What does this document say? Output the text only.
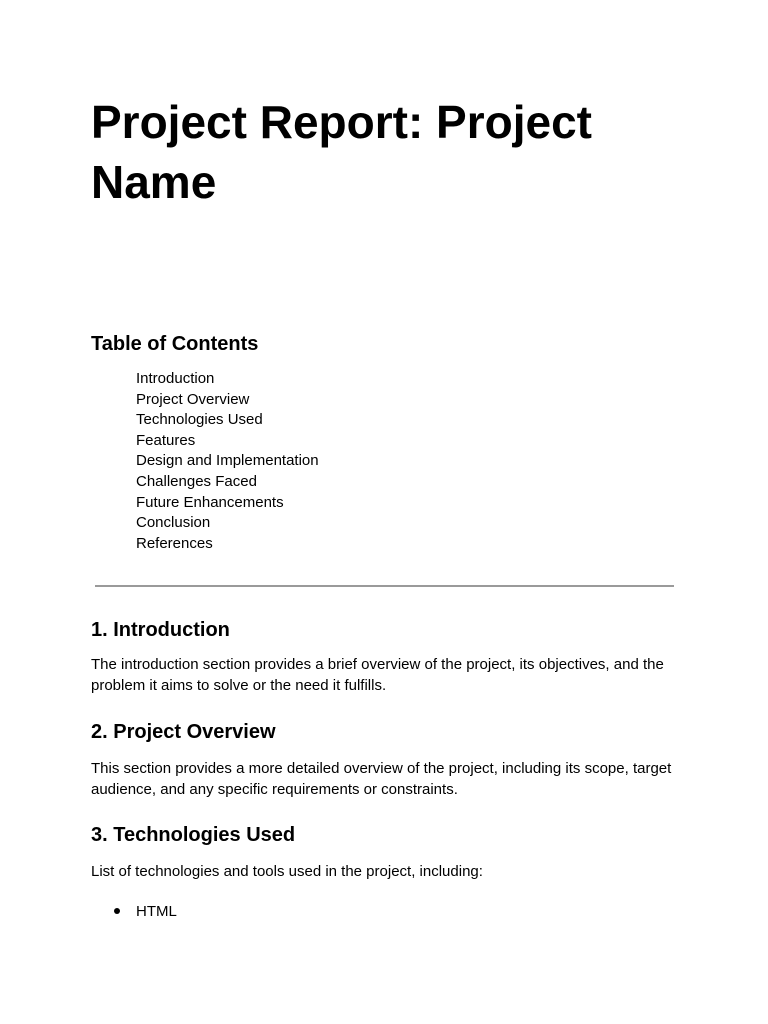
Project Report: Project Name
Table of Contents
Introduction
Project Overview
Technologies Used
Features
Design and Implementation
Challenges Faced
Future Enhancements
Conclusion
References
1. Introduction

The introduction section provides a brief overview of the project, its objectives, and the problem it aims to solve or the need it fulfills.

2. Project Overview

This section provides a more detailed overview of the project, including its scope, target audience, and any specific requirements or constraints.

3. Technologies Used

List of technologies and tools used in the project, including:

HTML
